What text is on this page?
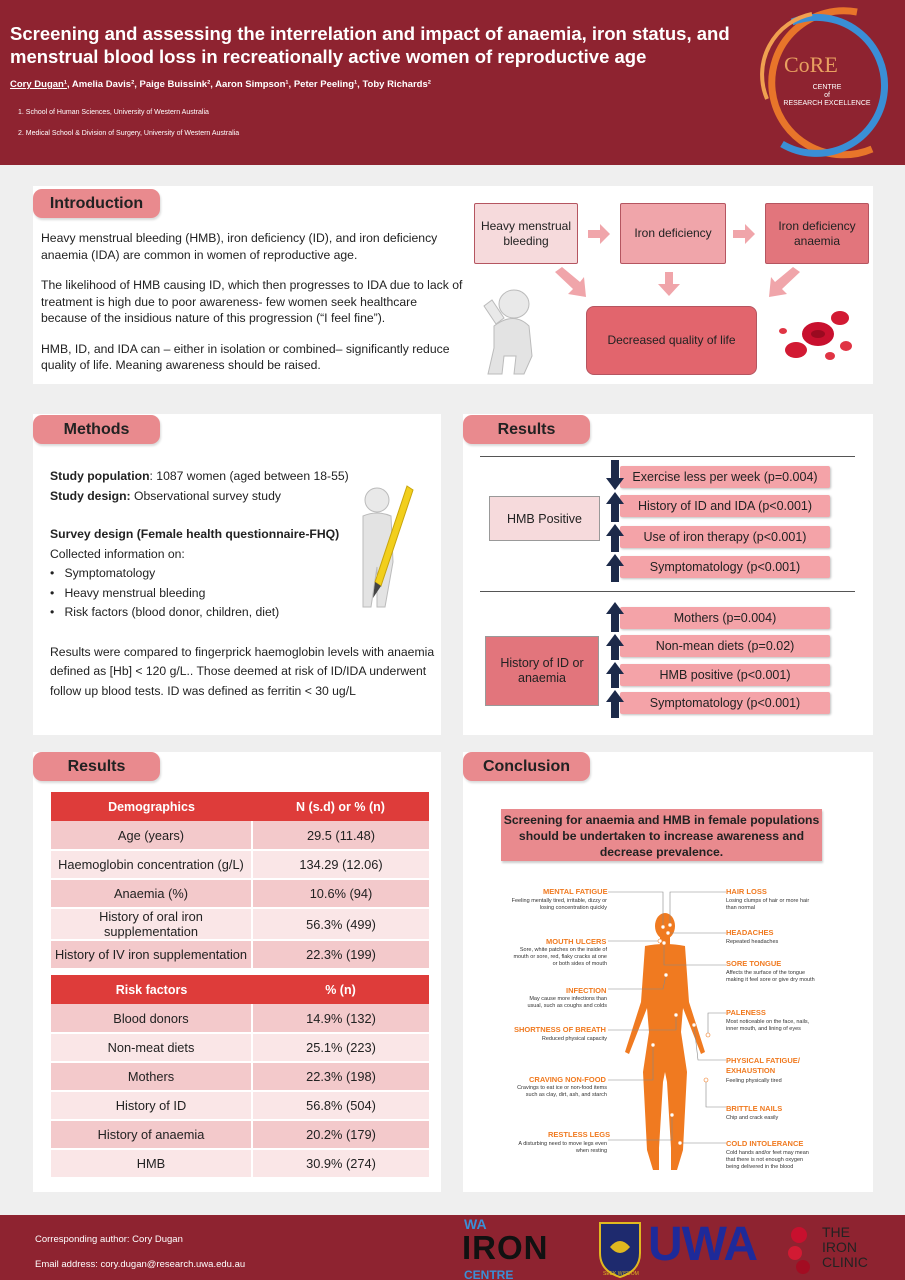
Screening and assessing the interrelation and impact of anaemia, iron status, and menstrual blood loss in recreationally active women of reproductive age
Cory Dugan¹, Amelia Davis², Paige Buissink², Aaron Simpson¹, Peter Peeling¹, Toby Richards²
1. School of Human Sciences, University of Western Australia
2. Medical School & Division of Surgery, University of Western Australia
CoRE
CENTRE
of
RESEARCH EXCELLENCE
Introduction

Heavy menstrual bleeding (HMB), iron deficiency (ID), and iron deficiency anaemia (IDA) are common in women of reproductive age.

The likelihood of HMB causing ID, which then progresses to IDA due to lack of treatment is high due to poor awareness- few women seek healthcare because of the insidious nature of this progression (“I feel fine”).

HMB, ID, and IDA can – either in isolation or combined– significantly reduce quality of life. Meaning awareness should be raised.

Heavy menstrual bleeding
Iron deficiency
Iron deficiency anaemia
Decreased quality of life
Methods
Study population: 1087 women (aged between 18-55)
Study design: Observational survey study
Survey design (Female health questionnaire-FHQ)
Collected information on:
•   Symptomatology
•   Heavy menstrual bleeding
•   Risk factors (blood donor, children, diet)
Results were compared to fingerprick haemoglobin levels with anaemia defined as [Hb] < 120 g/L.. Those deemed at risk of ID/IDA underwent follow up blood tests. ID was defined as ferritin < 30 ug/L
Results
HMB Positive
History of ID or anaemia
Exercise less per week (p=0.004)
History of ID and IDA (p<0.001)
Use of iron therapy (p<0.001)
Symptomatology (p<0.001)
Mothers (p=0.004)
Non-mean diets (p=0.02)
HMB positive (p<0.001)
Symptomatology (p<0.001)
Results
Demographics	N (s.d) or % (n)
Age (years)	29.5 (11.48)
Haemoglobin concentration (g/L)	134.29 (12.06)
Anaemia (%)	10.6% (94)
History of oral iron supplementation	56.3% (499)
History of IV iron supplementation	22.3% (199)
Risk factors	% (n)
Blood donors	14.9% (132)
Non-meat diets	25.1% (223)
Mothers	22.3% (198)
History of ID	56.8% (504)
History of anaemia	20.2% (179)
HMB	30.9% (274)
Conclusion
Screening for anaemia and HMB in female populations should be undertaken to increase awareness and decrease prevalence.
MENTAL FATIGUE
Feeling mentally tired, irritable, dizzy or losing concentration quickly
MOUTH ULCERS
Sore, white patches on the inside of mouth or sore, red, flaky cracks at one or both sides of mouth
INFECTION
May cause more infections than usual, such as coughs and colds
SHORTNESS OF BREATH
Reduced physical capacity
CRAVING NON-FOOD
Cravings to eat ice or non-food items such as clay, dirt, ash, and starch
RESTLESS LEGS
A disturbing need to move legs even when resting
HAIR LOSS
Losing clumps of hair or more hair than normal
HEADACHES
Repeated headaches
SORE TONGUE
Affects the surface of the tongue making it feel sore or give dry mouth
PALENESS
Most noticeable on the face, nails, inner mouth, and lining of eyes
PHYSICAL FATIGUE/ EXHAUSTION
Feeling physically tired
BRITTLE NAILS
Chip and crack easily
COLD INTOLERANCE
Cold hands and/or feet may mean that there is not enough oxygen being delivered in the blood
Corresponding author: Cory Dugan
Email address: cory.dugan@research.uwa.edu.au
WA
IRON
CENTRE	SEEK WISDOM
UWA	THE
IRON
CLINIC
